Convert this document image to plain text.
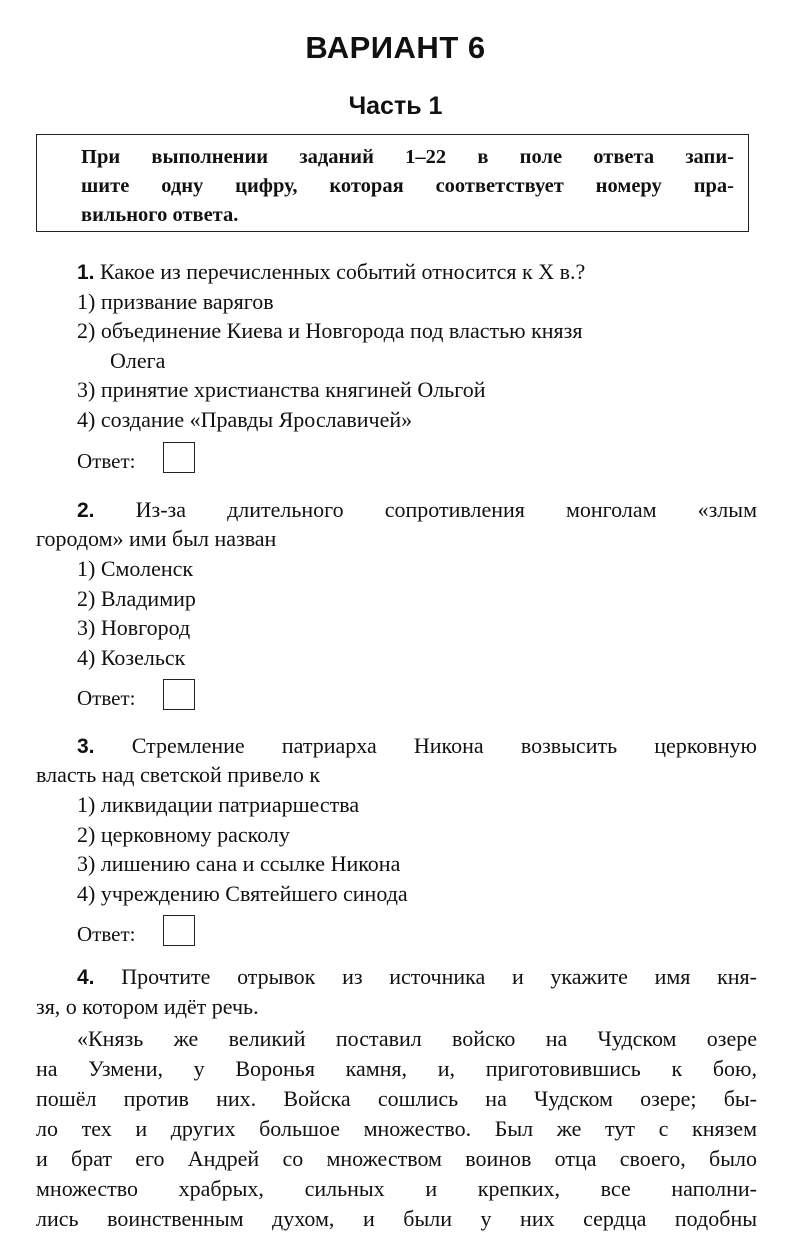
ВАРИАНТ 6
Часть 1
При выполнении заданий 1–22 в поле ответа запи-
шите одну цифру, которая соответствует номеру пра-
вильного ответа.
1. Какое из перечисленных событий относится к X в.?
1) призвание варягов
2) объединение Киева и Новгорода под властью князя
Олега
3) принятие христианства княгиней Ольгой
4) создание «Правды Ярославичей»
Ответ:
2. Из-за длительного сопротивления монголам «злым
городом» ими был назван
1) Смоленск
2) Владимир
3) Новгород
4) Козельск
Ответ:
3. Стремление патриарха Никона возвысить церковную
власть над светской привело к
1) ликвидации патриаршества
2) церковному расколу
3) лишению сана и ссылке Никона
4) учреждению Святейшего синода
Ответ:
4. Прочтите отрывок из источника и укажите имя кня-
зя, о котором идёт речь.
«Князь же великий поставил войско на Чудском озере
на Узмени, у Воронья камня, и, приготовившись к бою,
пошёл против них. Войска сошлись на Чудском озере; бы-
ло тех и других большое множество. Был же тут с князем
и брат его Андрей со множеством воинов отца своего, было
множество храбрых, сильных и крепких, все наполни-
лись воинственным духом, и были у них сердца подобны
